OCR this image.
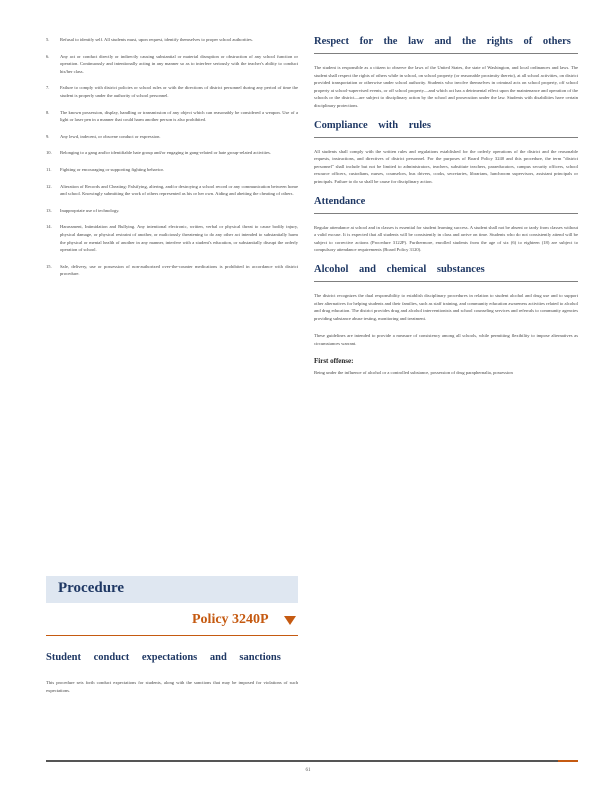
5. Refusal to identify self. All students must, upon request, identify themselves to proper school authorities.
6. Any act or conduct directly or indirectly causing substantial or material disruption or obstruction of any school function or operation. Continuously and intentionally acting in any manner so as to interfere seriously with the teacher's ability to conduct his/her class.
7. Failure to comply with district policies or school rules or with the directions of district personnel during any period of time the student is properly under the authority of school personnel.
8. The known possession, display, handling or transmission of any object which can reasonably be considered a weapon. Use of a light or laser pen in a manner that could harm another person is also prohibited.
9. Any lewd, indecent, or obscene conduct or expression.
10. Belonging to a gang and/or identifiable hate group and/or engaging in gang-related or hate group-related activities.
11. Fighting or encouraging or supporting fighting behavior.
12. Alteration of Records and Cheating: Falsifying, altering, and/or destroying a school record or any communication between home and school. Knowingly submitting the work of others represented as his or her own. Aiding and abetting the cheating of others.
13. Inappropriate use of technology.
14. Harassment, Intimidation and Bullying. Any intentional electronic, written, verbal or physical threat to cause bodily injury, physical damage, or physical restraint of another, or maliciously threatening to do any other act intended to substantially harm the physical or mental health of another in any manner, interfere with a student's education, or substantially disrupt the orderly operation of school.
15. Sale, delivery, use or possession of non-authorized over-the-counter medications is prohibited in accordance with district procedure.
Procedure
Policy 3240P
Student conduct expectations and sanctions
This procedure sets forth conduct expectations for students, along with the sanctions that may be imposed for violations of such expectations.
Respect for the law and the rights of others

The student is responsible as a citizen to observe the laws of the United States, the state of Washington, and local ordinances and laws. The student shall respect the rights of others while in school, on school property (or reasonable proximity thereto), at all school activities, on district provided transportation or otherwise under school authority. Students who involve themselves in criminal acts on school property, off school property at school-supervised events, or off school property—and which act has a detrimental effect upon the maintenance and operation of the schools or the district—are subject to disciplinary action by the school and prosecution under the law. Students with disabilities have certain disciplinary protections.

Compliance with rules

All students shall comply with the written rules and regulations established for the orderly operations of the district and the reasonable requests, instructions, and directives of district personnel. For the purposes of Board Policy 3240 and this procedure, the term "district personnel" shall include but not be limited to administrators, teachers, substitute teachers, paraeducators, campus security officers, school resource officers, custodians, nurses, counselors, bus drivers, cooks, secretaries, librarians, lunchroom supervisors, assistant principals or principals. Failure to do so shall be cause for disciplinary action.

Attendance

Regular attendance at school and in classes is essential for student learning success. A student shall not be absent or tardy from classes without a valid excuse. It is expected that all students will be consistently in class and arrive on time. Students who do not consistently attend will be subject to corrective actions (Procedure 3122P). Furthermore, enrolled students from the age of six (6) to eighteen (18) are subject to compulsory attendance requirements (Board Policy 3120).

Alcohol and chemical substances

The district recognizes the dual responsibility to establish disciplinary procedures in relation to student alcohol and drug use and to support other alternatives for helping students and their families, such as staff training, and community education awareness activities related to alcohol and drug education. The district provides drug and alcohol interventionists and school counseling services and referrals to community agencies providing substance abuse testing, monitoring and treatment.

These guidelines are intended to provide a measure of consistency among all schools, while permitting flexibility to impose alternatives as circumstances warrant.

First offense:

Being under the influence of alcohol or a controlled substance, possession of drug paraphernalia, possession

61
